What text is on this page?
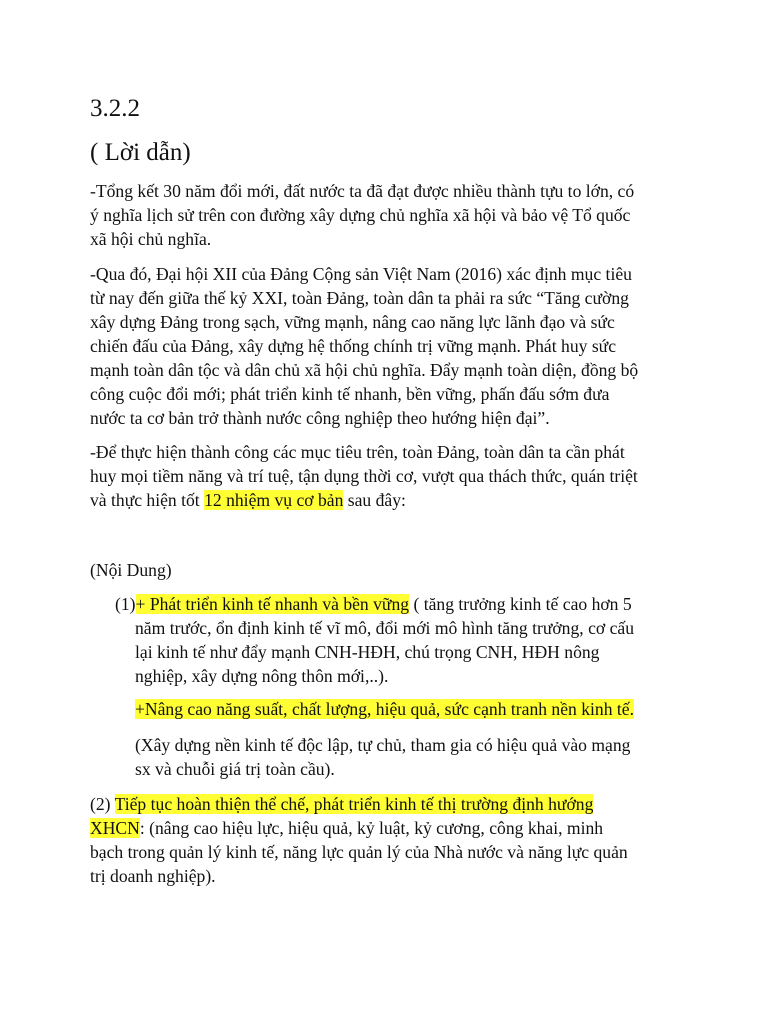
3.2.2
( Lời dẫn)
-Tổng kết 30 năm đổi mới, đất nước ta đã đạt được nhiều thành tựu to lớn, có
ý nghĩa lịch sử trên con đường xây dựng chủ nghĩa xã hội và bảo vệ Tổ quốc
xã hội chủ nghĩa.
-Qua đó, Đại hội XII của Đảng Cộng sản Việt Nam (2016) xác định mục tiêu
từ nay đến giữa thế kỷ XXI, toàn Đảng, toàn dân ta phải ra sức “Tăng cường
xây dựng Đảng trong sạch, vững mạnh, nâng cao năng lực lãnh đạo và sức
chiến đấu của Đảng, xây dựng hệ thống chính trị vững mạnh. Phát huy sức
mạnh toàn dân tộc và dân chủ xã hội chủ nghĩa. Đẩy mạnh toàn diện, đồng bộ
công cuộc đổi mới; phát triển kinh tế nhanh, bền vững, phấn đấu sớm đưa
nước ta cơ bản trở thành nước công nghiệp theo hướng hiện đại”.
-Để thực hiện thành công các mục tiêu trên, toàn Đảng, toàn dân ta cần phát
huy mọi tiềm năng và trí tuệ, tận dụng thời cơ, vượt qua thách thức, quán triệt
và thực hiện tốt 12 nhiệm vụ cơ bản sau đây:
(Nội Dung)
(1)+ Phát triển kinh tế nhanh và bền vững ( tăng trưởng kinh tế cao hơn 5
năm trước, ổn định kinh tế vĩ mô, đổi mới mô hình tăng trưởng, cơ cấu
lại kinh tế như đẩy mạnh CNH-HĐH, chú trọng CNH, HĐH nông
nghiệp, xây dựng nông thôn mới,..).
+Nâng cao năng suất, chất lượng, hiệu quả, sức cạnh tranh nền kinh tế.
(Xây dựng nền kinh tế độc lập, tự chủ, tham gia có hiệu quả vào mạng
sx và chuỗi giá trị toàn cầu).
(2) Tiếp tục hoàn thiện thể chế, phát triển kinh tế thị trường định hướng
XHCN: (nâng cao hiệu lực, hiệu quả, kỷ luật, kỷ cương, công khai, minh
bạch trong quản lý kinh tế, năng lực quản lý của Nhà nước và năng lực quản
trị doanh nghiệp).
